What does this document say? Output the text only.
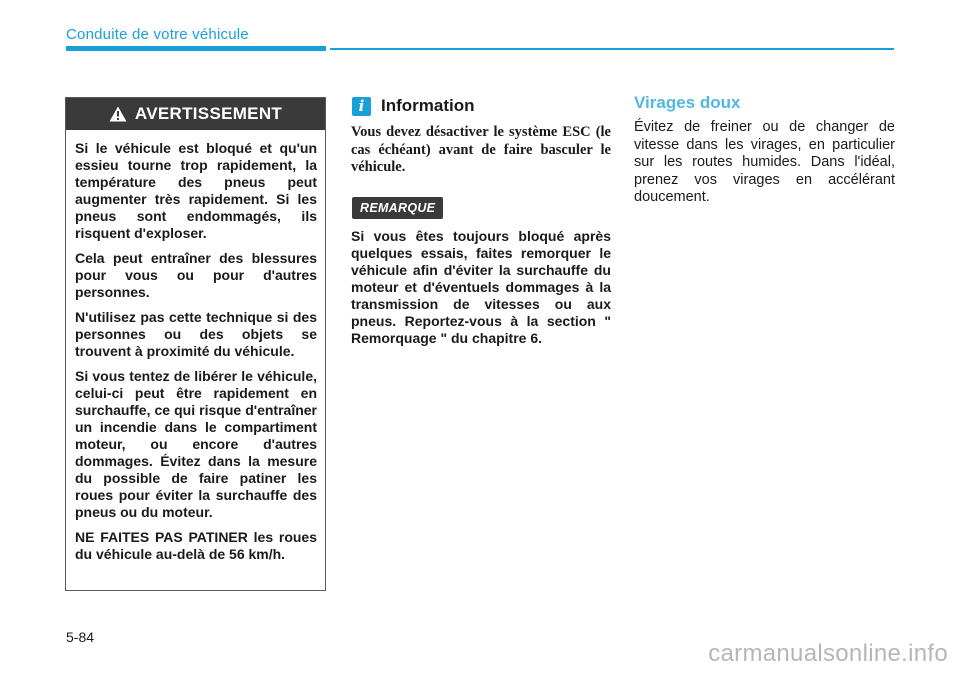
Conduite de votre véhicule
AVERTISSEMENT

Si le véhicule est bloqué et qu'un essieu tourne trop rapidement, la température des pneus peut augmenter très rapidement. Si les pneus sont endommagés, ils risquent d'exploser.

Cela peut entraîner des blessures pour vous ou pour d'autres personnes.

N'utilisez pas cette technique si des personnes ou des objets se trouvent à proximité du véhicule.

Si vous tentez de libérer le véhicule, celui-ci peut être rapidement en surchauffe, ce qui risque d'entraîner un incendie dans le compartiment moteur, ou encore d'autres dommages. Évitez dans la mesure du possible de faire patiner les roues pour éviter la surchauffe des pneus ou du moteur.

NE FAITES PAS PATINER les roues du véhicule au-delà de 56 km/h.

i Information

Vous devez désactiver le système ESC (le cas échéant) avant de faire basculer le véhicule.

REMARQUE

Si vous êtes toujours bloqué après quelques essais, faites remorquer le véhicule afin d'éviter la surchauffe du moteur et d'éventuels dommages à la transmission de vitesses ou aux pneus. Reportez-vous à la section " Remorquage " du chapitre 6.

Virages doux

Évitez de freiner ou de changer de vitesse dans les virages, en particulier sur les routes humides. Dans l'idéal, prenez vos virages en accélérant doucement.

5-84
carmanualsonline.info
